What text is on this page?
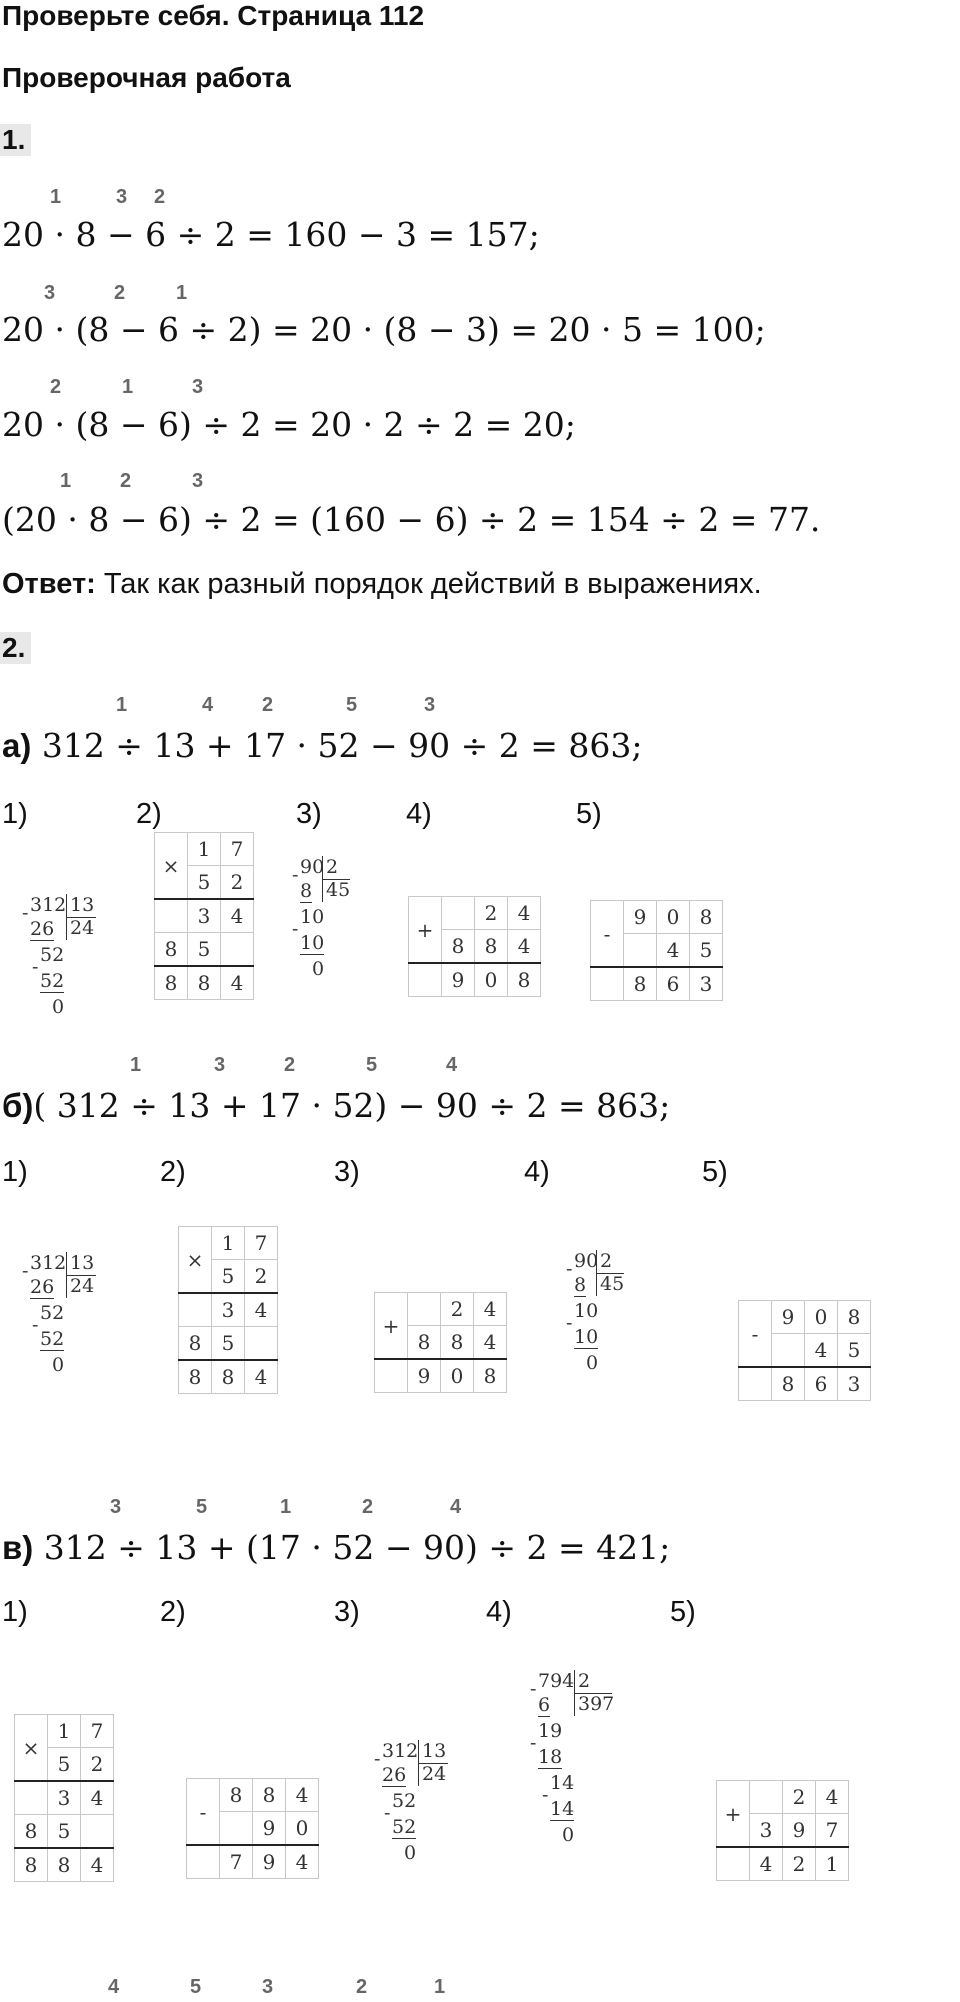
Проверьте себя. Страница 112
Проверочная работа
1.
1	3 2
20 · 8 − 6 ÷ 2 = 160 − 3 = 157;
3	2	1
20 · (8 − 6 ÷ 2) = 20 · (8 − 3) = 20 · 5 = 100;
2	1	3
20 · (8 − 6) ÷ 2 = 20 · 2 ÷ 2 = 20;
1 2	3
(20 · 8 − 6) ÷ 2 = (160 − 6) ÷ 2 = 154 ÷ 2 = 77.
Ответ: Так как разный порядок действий в выражениях.
2.
1	4 2	5	3
а) 312 ÷ 13 + 17 · 52 − 90 ÷ 2 = 863;
1)	2)	3)	4)	5)
312 13
24
-
26
52
-
52
0
×	1	7
	5	2
	3	4
8	5	
8	8	4
90 2
45
-
8
10
-
10
0
+		2	4
	8	8	4
	9	0	8
-	9	0	8
		4	5
	8	6	3
1	3	2	5	4
б)( 312 ÷ 13 + 17 · 52) − 90 ÷ 2 = 863;
1)	2)	3)	4)	5)
312 13
24
-
26
52
-
52
0
×	1	7
	5	2
	3	4
8	5	
8	8	4
+		2	4
	8	8	4
	9	0	8
90 2
45
-
8
10
-
10
0
-	9	0	8
		4	5
	8	6	3
3	5	1	2	4
в) 312 ÷ 13 + (17 · 52 − 90) ÷ 2 = 421;
1)	2)	3)	4)	5)
×	1	7
	5	2
	3	4
8	5	
8	8	4
-	8	8	4
		9	0
	7	9	4
312 13
24
-
26
52
-
52
0
794 2
397
-
6
19
-
18
14
-
14
0
+		2	4
	3	9	7
	4	2	1
4	5	3	2	1
